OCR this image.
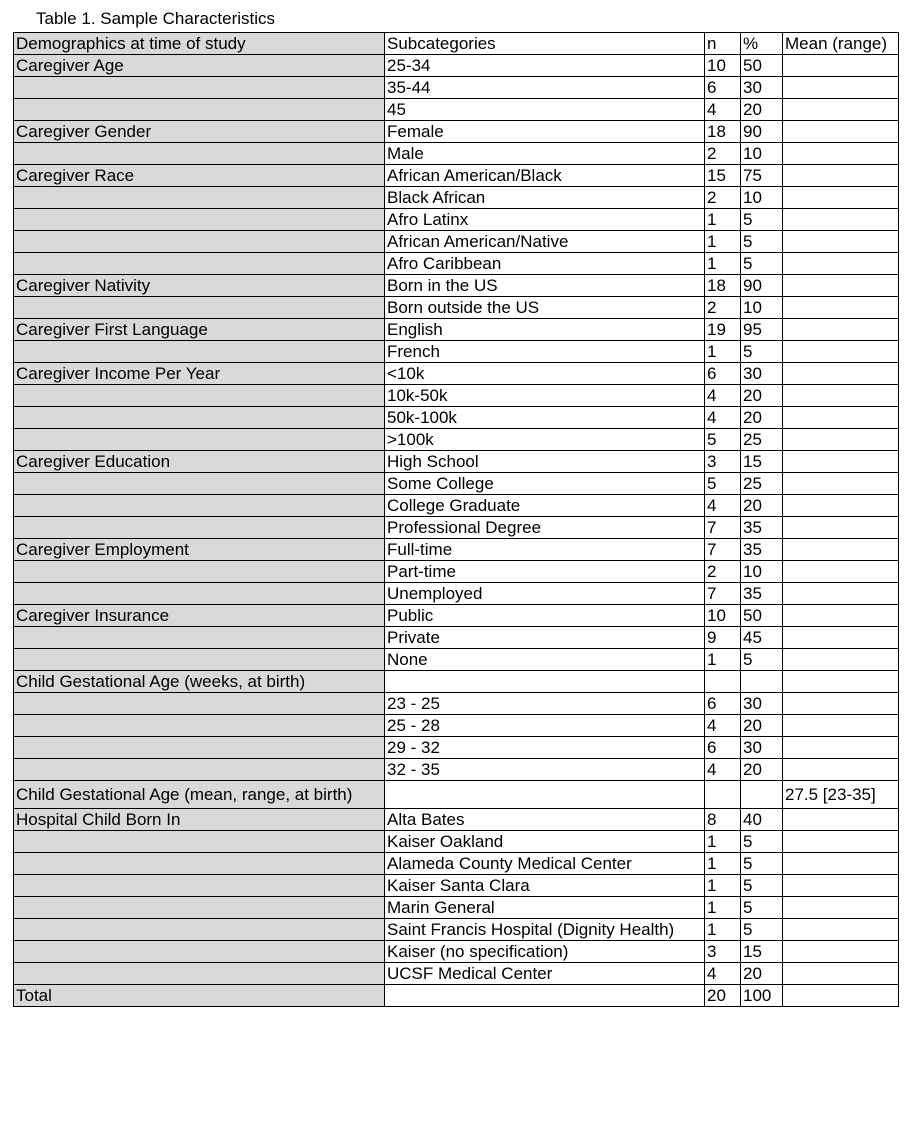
Table 1. Sample Characteristics
Demographics at time of study	Subcategories	n	%	Mean (range)
Caregiver Age	25-34	10	50	
	35-44	6	30	
	45	4	20	
Caregiver Gender	Female	18	90	
	Male	2	10	
Caregiver Race	African American/Black	15	75	
	Black African	2	10	
	Afro Latinx	1	5	
	African American/Native	1	5	
	Afro Caribbean	1	5	
Caregiver Nativity	Born in the US	18	90	
	Born outside the US	2	10	
Caregiver First Language	English	19	95	
	French	1	5	
Caregiver Income Per Year	<10k	6	30	
	10k-50k	4	20	
	50k-100k	4	20	
	>100k	5	25	
Caregiver Education	High School	3	15	
	Some College	5	25	
	College Graduate	4	20	
	Professional Degree	7	35	
Caregiver Employment	Full-time	7	35	
	Part-time	2	10	
	Unemployed	7	35	
Caregiver Insurance	Public	10	50	
	Private	9	45	
	None	1	5	
Child Gestational Age (weeks, at birth)				
	23 - 25	6	30	
	25 - 28	4	20	
	29 - 32	6	30	
	32 - 35	4	20	
Child Gestational Age (mean, range, at birth)				27.5 [23-35]
Hospital Child Born In	Alta Bates	8	40	
	Kaiser Oakland	1	5	
	Alameda County Medical Center	1	5	
	Kaiser Santa Clara	1	5	
	Marin General	1	5	
	Saint Francis Hospital (Dignity Health)	1	5	
	Kaiser (no specification)	3	15	
	UCSF Medical Center	4	20	
Total		20	100	
